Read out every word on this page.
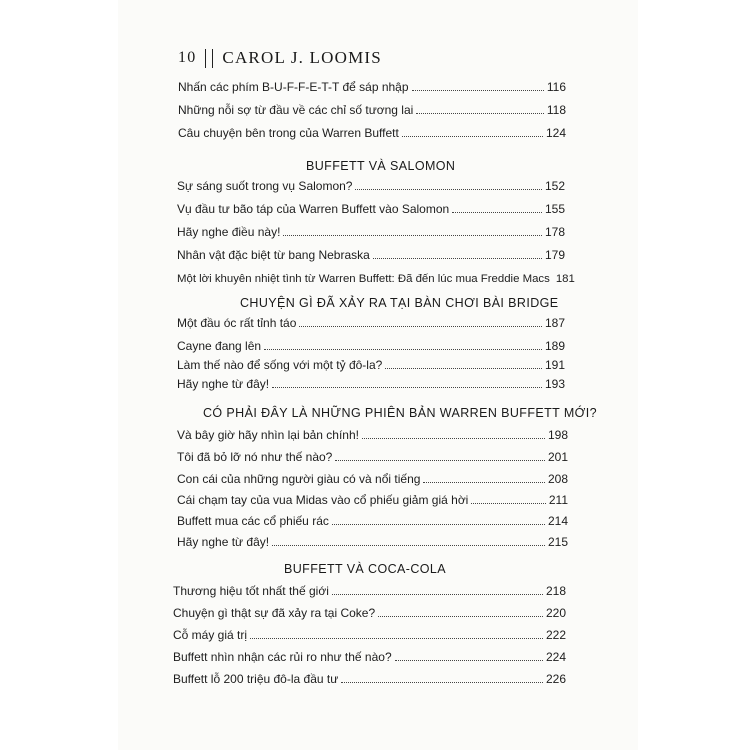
10 CAROL J. LOOMIS
Nhấn các phím B-U-F-F-E-T-T để sáp nhập	116
Những nỗi sợ từ đầu về các chỉ số tương lai	118
Câu chuyện bên trong của Warren Buffett	124
BUFFETT VÀ SALOMON
Sự sáng suốt trong vụ Salomon?	152
Vụ đầu tư bão táp của Warren Buffett vào Salomon	155
Hãy nghe điều này!	178
Nhân vật đặc biệt từ bang Nebraska	179
Một lời khuyên nhiệt tình từ Warren Buffett: Đã đến lúc mua Freddie Macs 181
CHUYỆN GÌ ĐÃ XẢY RA TẠI BÀN CHƠI BÀI BRIDGE
Một đầu óc rất tỉnh táo	187
Cayne đang lên	189
Làm thế nào để sống với một tỷ đô-la?	191
Hãy nghe từ đây!	193
CÓ PHẢI ĐÂY LÀ NHỮNG PHIÊN BẢN WARREN BUFFETT MỚI?
Và bây giờ hãy nhìn lại bản chính!	198
Tôi đã bỏ lỡ nó như thế nào?	201
Con cái của những người giàu có và nổi tiếng	208
Cái chạm tay của vua Midas vào cổ phiếu giảm giá hời	211
Buffett mua các cổ phiếu rác	214
Hãy nghe từ đây!	215
BUFFETT VÀ COCA-COLA
Thương hiệu tốt nhất thế giới	218
Chuyện gì thật sự đã xảy ra tại Coke?	220
Cỗ máy giá trị	222
Buffett nhìn nhận các rủi ro như thế nào?	224
Buffett lỗ 200 triệu đô-la đầu tư	226
